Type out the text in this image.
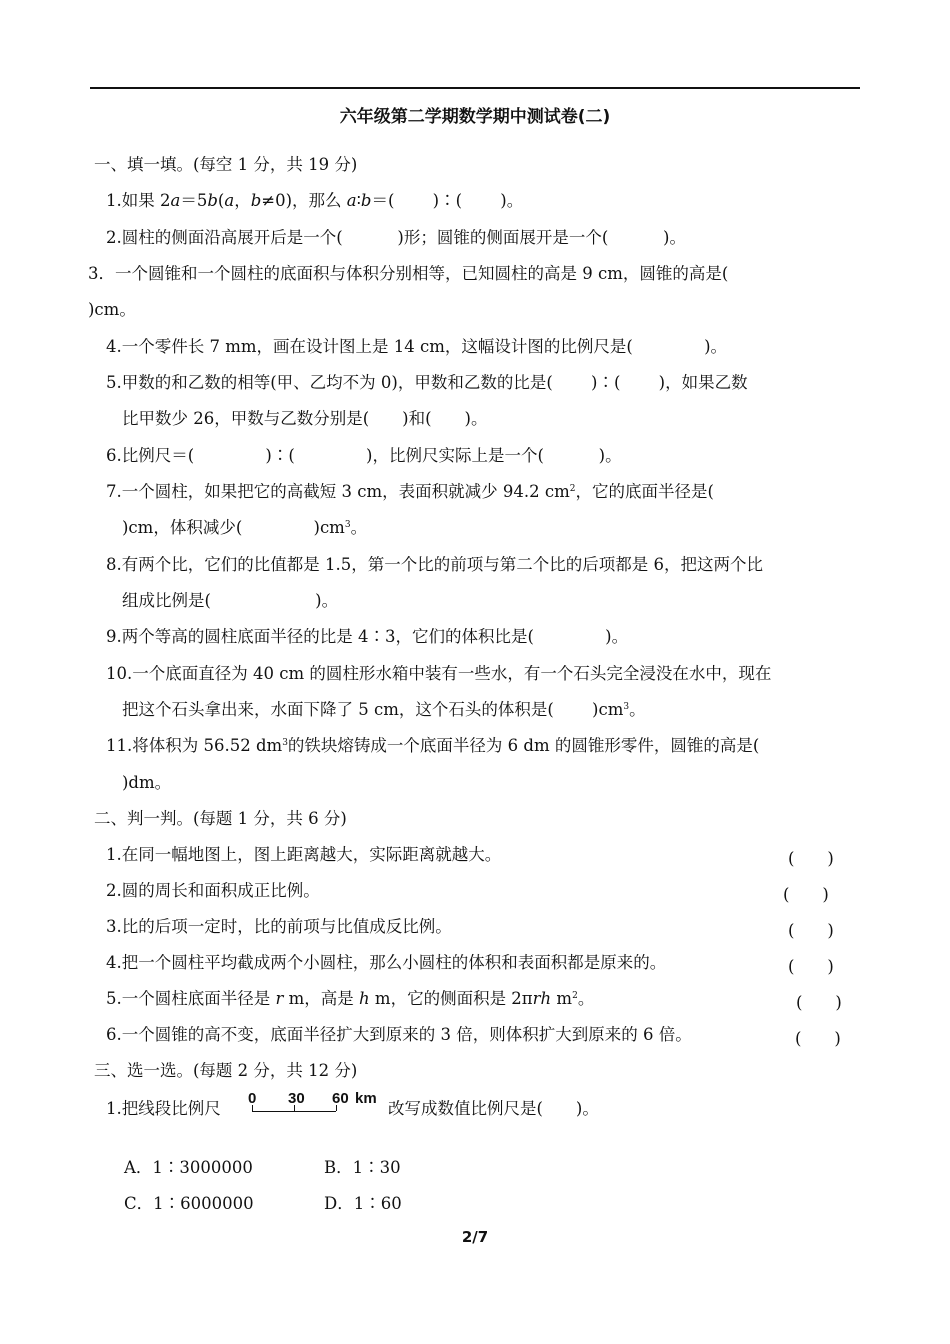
六年级第二学期数学期中测试卷(二)
一、填一填。(每空 1 分，共 19 分)
1.如果 2a＝5b(a，b≠0)，那么 a∶b＝(　　 )∶(　　 )。
2.圆柱的侧面沿高展开后是一个(　　　 )形；圆锥的侧面展开是一个(　　　 )。
3．一个圆锥和一个圆柱的底面积与体积分别相等，已知圆柱的高是 9 cm，圆锥的高是(
)cm。
4.一个零件长 7 mm，画在设计图上是 14 cm，这幅设计图的比例尺是(　　　　 )。
5.甲数的和乙数的相等(甲、乙均不为 0)，甲数和乙数的比是(　　 )∶(　　 )，如果乙数
比甲数少 26，甲数与乙数分别是(　　)和(　　)。
6.比例尺＝(　　　　 )∶(　　　　 )，比例尺实际上是一个(　　　 )。
7.一个圆柱，如果把它的高截短 3 cm，表面积就减少 94.2 $cm^2$，它的底面半径是(
)cm，体积减少(　　　　 )$cm^3$。
8.有两个比，它们的比值都是 1.5，第一个比的前项与第二个比的后项都是 6，把这两个比
组成比例是(　　　　　　 )。
9.两个等高的圆柱底面半径的比是 4∶3，它们的体积比是(　　　　 )。
10.一个底面直径为 40 cm 的圆柱形水箱中装有一些水，有一个石头完全浸没在水中，现在
把这个石头拿出来，水面下降了 5 cm，这个石头的体积是(　　 )$cm^3$。
11.将体积为 56.52 $dm^3$的铁块熔铸成一个底面半径为 6 dm 的圆锥形零件，圆锥的高是(
)dm。
二、判一判。(每题 1 分，共 6 分)
1.在同一幅地图上，图上距离越大，实际距离就越大。	(　　)
2.圆的周长和面积成正比例。	(　　)
3.比的后项一定时，比的前项与比值成反比例。	(　　)
4.把一个圆柱平均截成两个小圆柱，那么小圆柱的体积和表面积都是原来的。	(　　)
5.一个圆柱底面半径是 r m，高是 h m，它的侧面积是 2πrh $m^2$。	(　　)
6.一个圆锥的高不变，底面半径扩大到原来的 3 倍，则体积扩大到原来的 6 倍。	(　　)
三、选一选。(每题 2 分，共 12 分)
1.把线段比例尺
0 30 60 km
改写成数值比例尺是(　　)。
A．1∶3000000	B．1∶30
C．1∶6000000	D．1∶60
2/7
